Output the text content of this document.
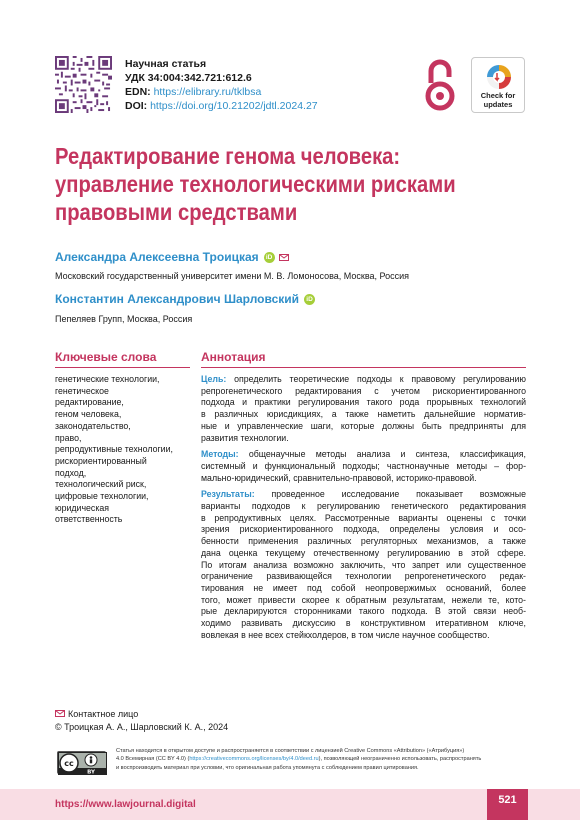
Научная статья
УДК 34:004:342.721:612.6
EDN: https://elibrary.ru/tklbsa
DOI: https://doi.org/10.21202/jdtl.2024.27
Check for
updates
Редактирование генома человека:
управление технологическими рисками
правовыми средствами
Александра Алексеевна Троицкая	iD
Московский государственный университет имени М. В. Ломоносова, Москва, Россия
Константин Александрович Шарловский	iD
Пепеляев Групп, Москва, Россия
Ключевые слова	Аннотация
генетические технологии,
генетическое
редактирование,
геном человека,
законодательство,
право,
репродуктивные технологии,
рискориентированный
подход,
технологический риск,
цифровые технологии,
юридическая
ответственность

Цель: определить теоретические подходы к правовому регулированию
репрогенетического редактирования с учетом рискориентированного
подхода и практики регулирования такого рода прорывных технологий
в различных юрисдикциях, а также наметить дальнейшие норматив-
ные и управленческие шаги, которые должны быть предприняты для
развития технологии.

Методы: общенаучные методы анализа и синтеза, классификация,
системный и функциональный подходы; частнонаучные методы – фор-
мально-юридический, сравнительно-правовой, историко-правовой.

Результаты: проведенное исследование показывает возможные
варианты подходов к регулированию генетического редактирования
в репродуктивных целях. Рассмотренные варианты оценены с точки
зрения рискориентированного подхода, определены условия и осо-
бенности применения различных регуляторных механизмов, а также
дана оценка текущему отечественному регулированию в этой сфере.
По итогам анализа возможно заключить, что запрет или существенное
ограничение развивающейся технологии репрогенетического редак-
тирования не имеет под собой неопровержимых оснований, более
того, может привести скорее к обратным результатам, нежели те, кото-
рые декларируются сторонниками такого подхода. В этой связи необ-
ходимо развивать дискуссию в конструктивном итеративном ключе,
вовлекая в нее всех стейкхолдеров, в том числе научное сообщество.

Контактное лицо
© Троицкая А. А., Шарловский К. А., 2024
cc
BY
Статья находится в открытом доступе и распространяется в соответствии с лицензией Creative Commons «Attribution» («Атрибуция»)
4.0 Всемирная (CC BY 4.0) (https://creativecommons.org/licenses/by/4.0/deed.ru), позволяющей неограниченно использовать, распространять
и воспроизводить материал при условии, что оригинальная работа упомянута с соблюдением правил цитирования.
https://www.lawjournal.digital	521
